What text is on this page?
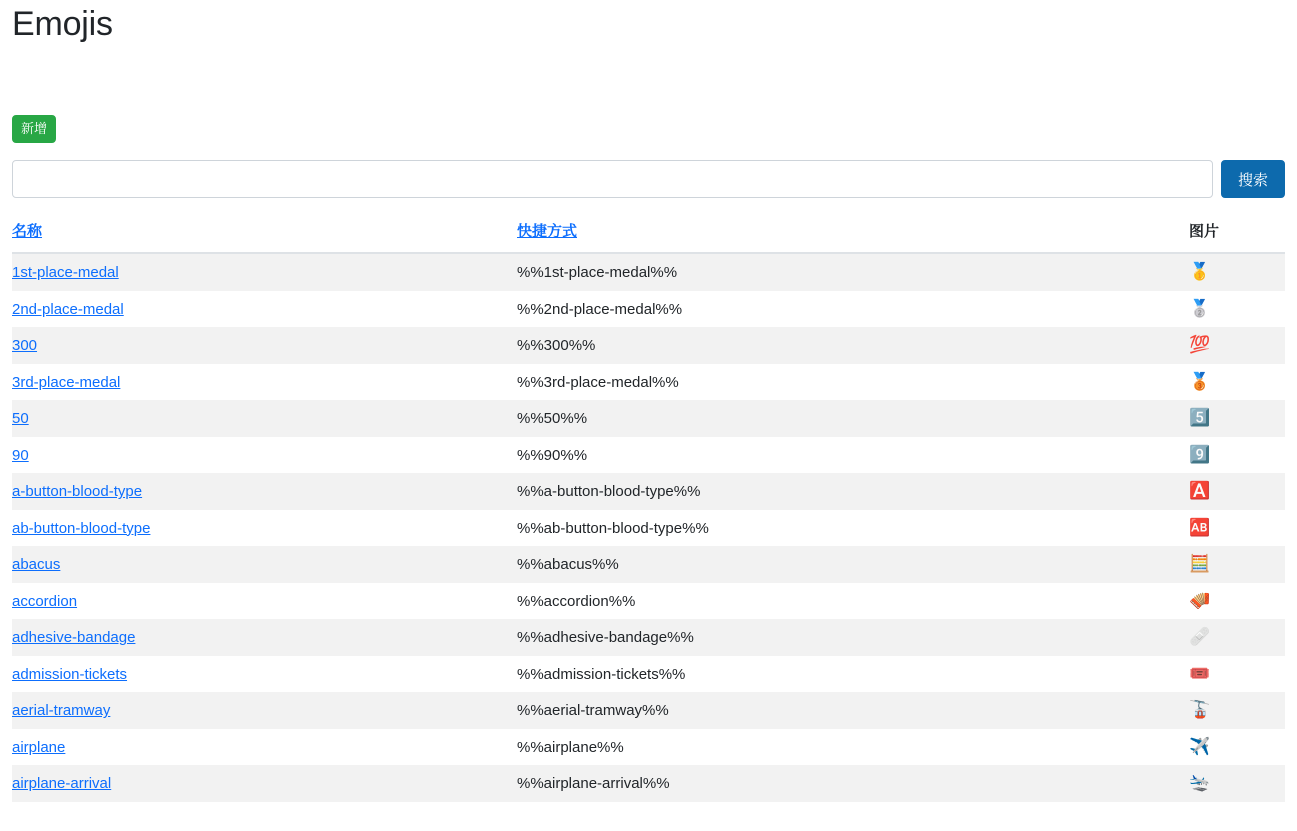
Emojis
新增
搜索
名称	快捷方式	图片

1st-place-medal	%%1st-place-medal%%	🥇
2nd-place-medal	%%2nd-place-medal%%	🥈
300	%%300%%	💯
3rd-place-medal	%%3rd-place-medal%%	🥉
50	%%50%%	5️⃣
90	%%90%%	9️⃣
a-button-blood-type	%%a-button-blood-type%%	🅰️
ab-button-blood-type	%%ab-button-blood-type%%	🆎
abacus	%%abacus%%	🧮
accordion	%%accordion%%	🪗
adhesive-bandage	%%adhesive-bandage%%	🩹
admission-tickets	%%admission-tickets%%	🎟️
aerial-tramway	%%aerial-tramway%%	🚡
airplane	%%airplane%%	✈️
airplane-arrival	%%airplane-arrival%%	🛬
